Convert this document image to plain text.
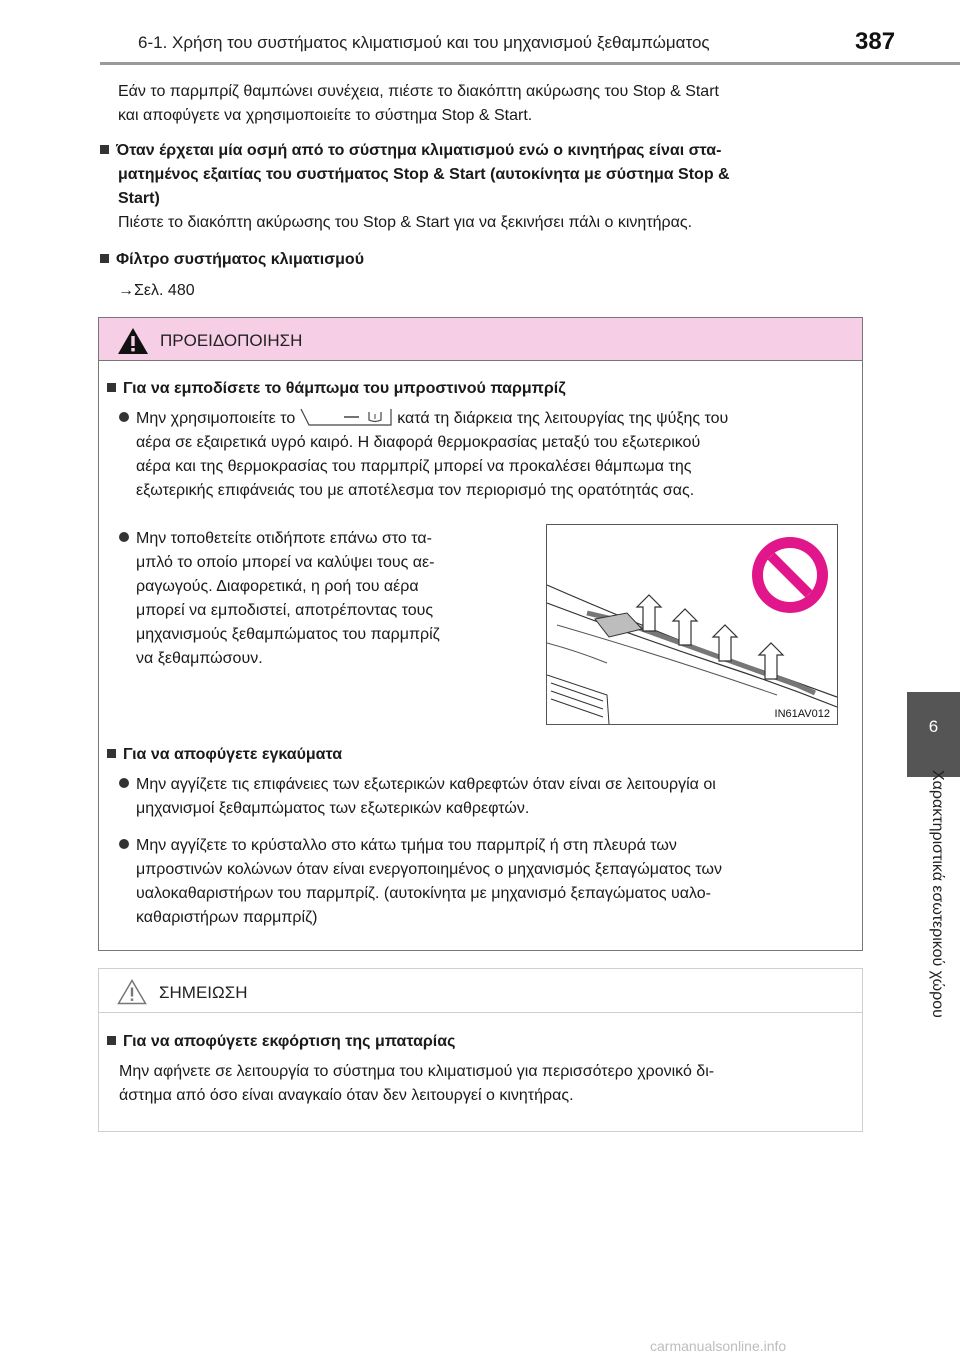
6-1. Χρήση του συστήματος κλιματισμού και του μηχανισμού ξεθαμπώματος	387
6
Χαρακτηριστικά εσωτερικού χώρου
Εάν το παρμπρίζ θαμπώνει συνέχεια, πιέστε το διακόπτη ακύρωσης του Stop & Start
και αποφύγετε να χρησιμοποιείτε το σύστημα Stop & Start.
Όταν έρχεται μία οσμή από το σύστημα κλιματισμού ενώ ο κινητήρας είναι στα-
ματημένος εξαιτίας του συστήματος Stop & Start (αυτοκίνητα με σύστημα Stop &
Start)
Πιέστε το διακόπτη ακύρωσης του Stop & Start για να ξεκινήσει πάλι ο κινητήρας.
Φίλτρο συστήματος κλιματισμού
→Σελ. 480
ΠΡΟΕΙΔΟΠΟΙΗΣΗ
Για να εμποδίσετε το θάμπωμα του μπροστινού παρμπρίζ
Μην χρησιμοποιείτε το	κατά τη διάρκεια της λειτουργίας της ψύξης του
αέρα σε εξαιρετικά υγρό καιρό. Η διαφορά θερμοκρασίας μεταξύ του εξωτερικού
αέρα και της θερμοκρασίας του παρμπρίζ μπορεί να προκαλέσει θάμπωμα της
εξωτερικής επιφάνειάς του με αποτέλεσμα τον περιορισμό της ορατότητάς σας.
Μην τοποθετείτε οτιδήποτε επάνω στο τα-
μπλό το οποίο μπορεί να καλύψει τους αε-
ραγωγούς. Διαφορετικά, η ροή του αέρα
μπορεί να εμποδιστεί, αποτρέποντας τους
μηχανισμούς ξεθαμπώματος του παρμπρίζ
να ξεθαμπώσουν.
Για να αποφύγετε εγκαύματα
Μην αγγίζετε τις επιφάνειες των εξωτερικών καθρεφτών όταν είναι σε λειτουργία οι
μηχανισμοί ξεθαμπώματος των εξωτερικών καθρεφτών.
Μην αγγίζετε το κρύσταλλο στο κάτω τμήμα του παρμπρίζ ή στη πλευρά των
μπροστινών κολώνων όταν είναι ενεργοποιημένος ο μηχανισμός ξεπαγώματος των
υαλοκαθαριστήρων του παρμπρίζ. (αυτοκίνητα με μηχανισμό ξεπαγώματος υαλο-
καθαριστήρων παρμπρίζ)
IN61AV012
ΣΗΜΕΙΩΣΗ
Για να αποφύγετε εκφόρτιση της μπαταρίας
Μην αφήνετε σε λειτουργία το σύστημα του κλιματισμού για περισσότερο χρονικό δι-
άστημα από όσο είναι αναγκαίο όταν δεν λειτουργεί ο κινητήρας.
carmanualsonline.info
